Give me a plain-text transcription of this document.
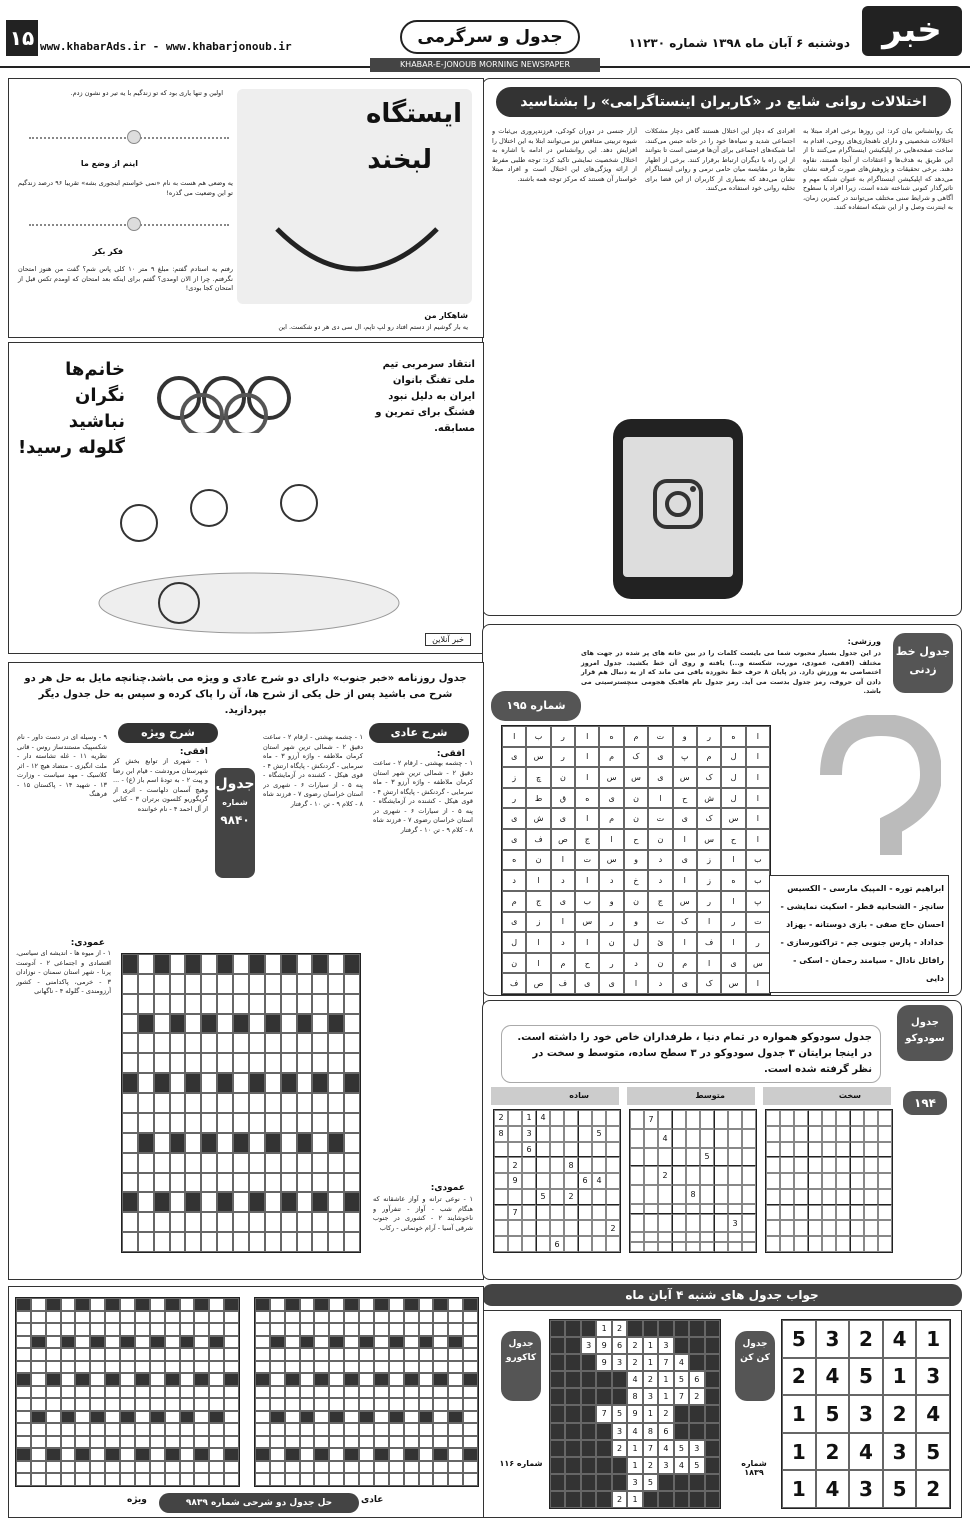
خبر
دوشنبه ۶ آبان ماه ۱۳۹۸ شماره ۱۱۲۳۰
جدول و سرگرمی
www.khabarAds.ir - www.khabarjonoub.ir
۱۵
KHABAR-E-JONOUB MORNING NEWSPAPER
اختلالات روانی شایع در «کاربران اینستاگرامی» را بشناسید
یک روانشناس بیان کرد: این روزها برخی افراد مبتلا به اختلالات شخصیتی و دارای ناهنجاری‌های روحی، اقدام به ساخت صفحه‌هایی در اپلیکیشن اینستاگرام می‌کنند تا از این طریق به هدف‌ها و اعتقادات از آنجا هستند، نقاوه دهند. برخی تحقیقات و پژوهش‌های صورت گرفته نشان می‌دهد که اپلیکیشن اینستاگرام به عنوان شبکه مهم و تاثیرگذار کنونی شناخته شده است، زیرا افراد با سطوح آگاهی و شرایط سنی مختلف می‌توانند در کمترین زمان، به اینترنت وصل و از این شبکه استفاده کنند.
افرادی که دچار این اختلال هستند گاهی دچار مشکلات اجتماعی شدید و سیاه‌ها خود را در خانه حبس می‌کنند، اما شبکه‌های اجتماعی برای آن‌ها فرصتی است تا بتوانند از این راه با دیگران ارتباط برقرار کنند. برخی از اظهار نظرها در مقایسه میان حامی نرمی و روانی اینستاگرام نشان می‌دهد که بسیاری از کاربران از این فضا برای تخلیه روانی خود استفاده می‌کنند.
آزار جنسی در دوران کودکی، فرزندپروری بی‌ثبات و شیوه تربیتی متناقض نیز می‌توانند ابتلا به این اختلال را افزایش دهد. این روانشناس در ادامه با اشاره به اختلال شخصیت نمایشی تاکید کرد: توجه طلبی مفرط از ارائه ویژگی‌های این اختلال است و افراد مبتلا خواستار آن هستند که مرکز توجه همه باشند.
ایستگاه
لبخند
اولین و تنها یاری بود که تو زندگیم با یه تیر دو نشون زدم.
اینم از وضع ما
یه وضعی هم هست به نام «نمی خواستم اینجوری بشه» تقریبا ۹۶ درصد زندگیم تو این وضعیت می گذره!
فکر بکر
رفتم یه استادم گفتم: مبلغ ۹ متر ۱۰ کلی پاس شم؟ گفت من هنوز امتحان نگرفتم. چرا از الان اومدی؟ گفتم برای اینکه بعد امتحان که اومدم تکس قبل از امتحان کجا بودی!
شاهکار من
یه بار گوشیم از دستم افتاد رو لپ تاپم، ال سی دی هر دو شکست. این
انتقاد سرمربی تیم ملی تفنگ بانوان ایران به دلیل نبود فشنگ برای تمرین و مسابقه.
خانم‌ها نگران نباشید گلوله رسید!
خبر آنلاین
جدول خط زدنی
ورزشی:
در این جدول بسیار محبوب شما می بایست کلمات را در بین خانه های پر شده در جهت های مختلف (افقی، عمودی، مورب، شکسته و...) یافته و روی آن خط بکشید. جدول امروز اختصاصی به ورزش دارد. در پایان ۸ حرف خط نخورده باقی می ماند که از به دنبال هم قرار دادن آن حروف، رمز جدول بدست می آید. رمز جدول نام هافبک هجومی منچسترسیتی می باشد.
شماره ۱۹۵
ا
ه
ر
و
ت
م
ه
ا
ر
ب
ا
ا
ل
م
پ
ی
ک
م
ا
ر
س
ی
ا
ل
ک
س
ی
س
س
ا
ن
چ
ز
ا
ل
ش
ح
ا
ن
ی
ه
ق
ط
ر
ا
س
ک
ی
ت
ن
م
ا
ی
ش
ی
ا
ح
س
ا
ن
ح
ا
ج
ص
ف
ی
ب
ا
ز
ی
د
و
س
ت
ا
ن
ه
ب
ه
ز
ا
د
خ
د
ا
د
ا
د
پ
ا
ر
س
ج
ن
و
ب
ی
ج
م
ت
ر
ا
ک
ت
و
ر
س
ا
ز
ی
ر
ا
ف
ا
ئ
ل
ن
ا
د
ا
ل
س
ی
ا
م
ن
د
ر
ح
م
ا
ن
ا
س
ک
ی
د
ا
ی
ی
ف
ص
ف
ابراهیم توره - المپیک مارسی - الکسیس سانچز - الشحانیه قطر - اسکیت نمایشی - احسان حاج صفی - بازی دوستانه - بهزاد خداداد - پارس جنوبی جم - تراکتورسازی - رافائل نادال - سیامند رحمان - اسکی - دایی
جدول روزنامه «خبر جنوب» دارای دو شرح عادی و ویژه می باشد.چنانچه مایل به حل هر دو شرح می باشید پس از حل یکی از شرح ها، آن را پاک کرده و سپس به حل جدول دیگر بپردازید.
شرح عادی
شرح ویژه
افقی:
۱ - چشمه بهشتی - ارقام ۲ - ساعت دقیق ۲ - شمالی ترین شهر استان کرمان ملاطفه - واژه آرزو ۳ - ماه سرمایی - گردنکش - پایگاه ارتش ۴ - قوی هیکل - کشنده در آزمایشگاه - پنه ۵ - از سیارات ۶ - شهری در استان خراسان رضوی ۷ - فرزند شاه ۸ - کلام ۹ - تن ۱۰ - گرفتار
۱ - چشمه بهشتی - ارقام ۲ - ساعت دقیق ۲ - شمالی ترین شهر استان کرمان ملاطفه - واژه آرزو ۳ - ماه سرمایی - گردنکش - پایگاه ارتش ۴ - قوی هیکل - کشنده در آزمایشگاه - پنه ۵ - از سیارات ۶ - شهری در استان خراسان رضوی ۷ - فرزند شاه ۸ - کلام ۹ - تن ۱۰ - گرفتار
جدول
شماره
۹۸۴۰
افقی:
۱ - شهری از توابع بخش کر شهرستان مرودشت - قیام ابن رضا و پیت ۲ - به تودهٔ اسم باز (ع) - ... وهیچ آسمان دلهاست - اثری از گریگوریو کلسون برتران ۳ - کتابی از آل احمد ۴ - نام خواننده
۹ - وسیله ای در دست داور - نام شکسپیک مستندساز روس - قانی نظریه ۱۱ - غله تشاسته دار - ملت انگیزی - متضاد هیچ ۱۲ - اثر کلاسیک - مهد سیاست - وزارت ۱۳ - شهید ۱۴ - پاکستان ۱۵ - فرهنگ
عمودی:
۱ - از میوه ها - اندیشه ای سیاسی، اقتصادی و اجتماعی ۲ - آدوست پرنا - شهر استان سمنان - نوزادان ۳ - خرمی، پاکدامنی - کشور آرزومندی - گلوله ۴ - ناگهانی
عمودی:
۱ - نوعی ترانه و آواز عاشقانه که هنگام شب - آواز - تنفرآور و ناخوشایند ۲ - کشوری در جنوب شرقی آسیا - آرام خونمانی - رکاب
جدول سودوکو
۱۹۴
جدول سودوکو همواره در تمام دنیا ، طرفداران خاص خود را داشته است. در اینجا برایتان ۳ جدول سودوکو در ۳ سطح ساده، متوسط و سخت در نظر گرفته شده است.
سخت
متوسط
ساده
4
1
2
5
3
8
6
8
2
4
6
9
2
5
7
2
6
7
4
5
2
8
3
جواب جدول های شنبه ۴ آبان ماه
جدول کن کن
شماره ۱۸۳۹
1
4
2
3
5
3
1
5
4
2
4
2
3
5
1
5
3
4
2
1
2
5
3
4
1
جدول کاکورو
شماره ۱۱۶
2
1
3
1
2
6
9
3
4
7
1
2
3
9
6
5
1
2
4
2
7
1
3
8
2
1
9
5
7
6
8
4
3
3
5
4
7
1
2
5
4
3
2
1
5
3
1
2
حل جدول دو شرحی شماره ۹۸۳۹	عادی
ویژه
